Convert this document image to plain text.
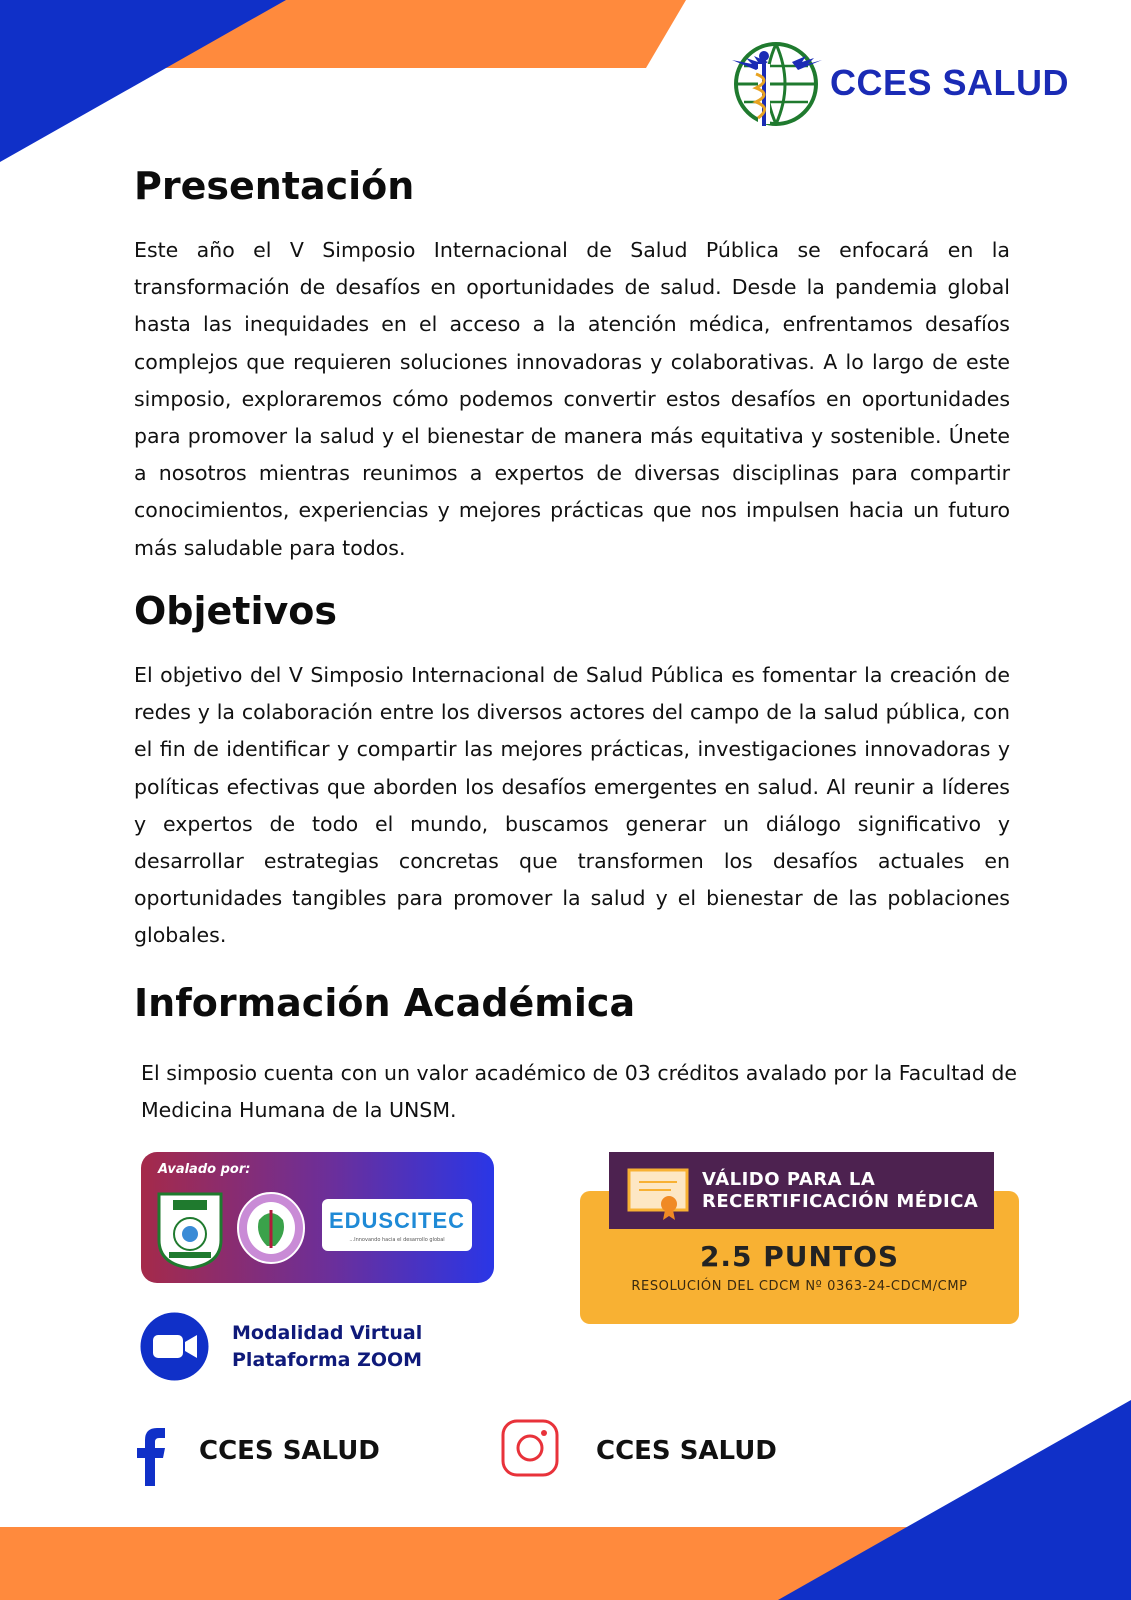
CCES SALUD
Presentación

Este año el V Simposio Internacional de Salud Pública se enfocará en la transformación de desafíos en oportunidades de salud. Desde la pandemia global hasta las inequidades en el acceso a la atención médica, enfrentamos desafíos complejos que requieren soluciones innovadoras y colaborativas. A lo largo de este simposio, exploraremos cómo podemos convertir estos desafíos en oportunidades para promover la salud y el bienestar de manera más equitativa y sostenible. Únete a nosotros mientras reunimos a expertos de diversas disciplinas para compartir conocimientos, experiencias y mejores prácticas que nos impulsen hacia un futuro más saludable para todos.

Objetivos

El objetivo del V Simposio Internacional de Salud Pública es fomentar la creación de redes y la colaboración entre los diversos actores del campo de la salud pública, con el fin de identificar y compartir las mejores prácticas, investigaciones innovadoras y políticas efectivas que aborden los desafíos emergentes en salud. Al reunir a líderes y expertos de todo el mundo, buscamos generar un diálogo significativo y desarrollar estrategias concretas que transformen los desafíos actuales en oportunidades tangibles para promover la salud y el bienestar de las poblaciones globales.

Información Académica

El simposio cuenta con un valor académico de 03 créditos avalado por la Facultad de Medicina Humana de la UNSM.

Avalado por:
EDUSCITEC
...Innovando hacia el desarrollo global
VÁLIDO PARA LA
RECERTIFICACIÓN MÉDICA
2.5 PUNTOS
RESOLUCIÓN DEL CDCM Nº 0363-24-CDCM/CMP
Modalidad Virtual
Plataforma ZOOM
CCES SALUD	CCES SALUD
